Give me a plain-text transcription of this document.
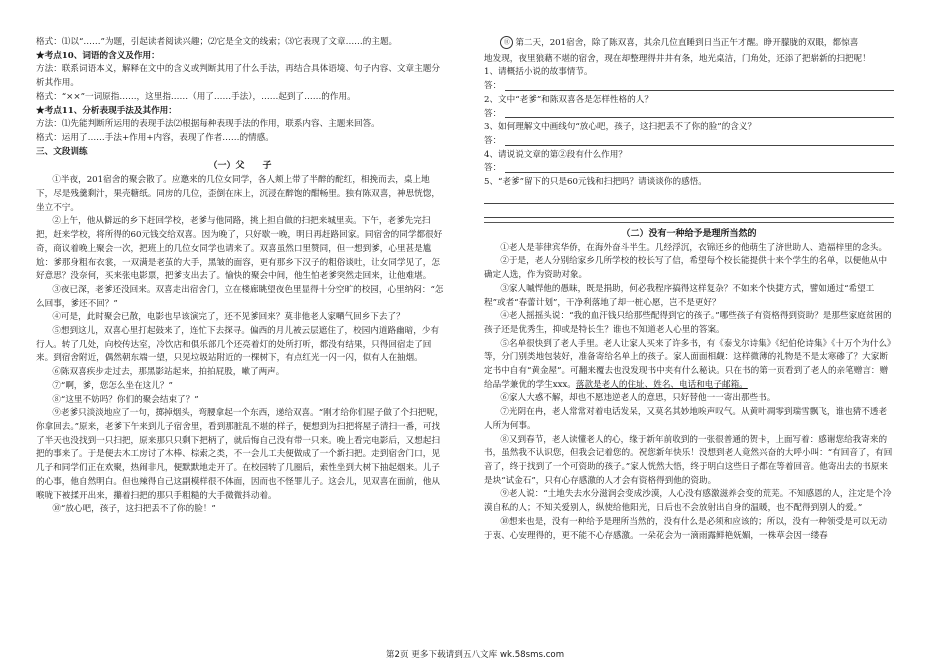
格式：⑴以“……”为题，引起读者阅读兴趣；⑵它是全文的线索；⑶它表现了文章……的主题。

★考点10、词语的含义及作用：

方法：联系词语本义，解释在文中的含义或判断其用了什么手法，再结合具体语境、句子内容、文章主题分析其作用。

格式：“××”一词原指……，这里指……（用了……手法），……起到了……的作用。

★考点11、分析表现手法及其作用：

方法：⑴先能判断所运用的表现手法⑵根据每种表现手法的作用，联系内容、主题来回答。

格式：运用了……手法+作用+内容，表现了作者……的情感。

三、文段训练

（一）父　　子

①半夜，201宿舍的聚会散了。应邀来的几位女同学，各人颊上带了半醉的酡红，相挽而去，桌上地下，尽是残羹剩汁，果壳糖纸。同房的几位，歪倒在床上，沉浸在醉饱的酣畅里。独有陈双喜，神思恍惚，坐立不宁。

②上午，他从僻远的乡下赶回学校，老爹与他同路，挑上担自做的扫把来城里卖。下午，老爹先完扫把，赶来学校，将所得的60元钱交给双喜。因为晚了，只好歇一晚，明日再赶路回家。同宿舍的同学都很好奇，商议着晚上聚会一次，把班上的几位女同学也请来了。双喜虽然口里赞同，但一想到爹，心里甚是尴尬：爹那身粗布衣裳，一双满是老茧的大手，黑皱的面容，更有那乡下汉子的粗俗谈吐，让女同学见了，怎好意思？没奈何，买来张电影票，把爹支出去了。愉快的聚会中间，他生怕老爹突然走回来，让他难堪。

③夜已深，老爹还没回来。双喜走出宿舍门，立在楼廊眺望夜色里显得十分空旷的校园，心里纳闷：“怎么回事，爹还不回？”

④可是，此时聚会已散，电影也早该演完了，还不见爹回来？莫非他老人家嗮气回乡下去了？

⑤想到这儿，双喜心里打起鼓来了，连忙下去探寻。偏西的月儿被云层遮住了，校园内道路幽暗，少有行人。转了几处，向校传达室，冷饮店和俱乐部几个还亮着灯的处所打听，都没有结果，只得回宿走了回来。到宿舍附近，偶然朝东端一望，只见垃圾站附近的一棵树下，有点红光一闪一闪，似有人在抽烟。

⑥陈双喜疾步走过去，那黑影站起来，拍拍屁股，嗽了两声。

⑦“啊，爹，您怎么坐在这儿？”

⑧“这里不妨吗？你们的聚会结束了？”

⑨老爹只淡淡地应了一句，掷掉烟头，弯腰拿起一个东西，递给双喜。“刚才给你们屋子做了个扫把呢，你拿回去。”原来，老爹下午来到儿子宿舍里，看到那脏乱不堪的样子，便想到为扫把将屋子清扫一番，可找了半天也没找到一只扫把，原来那只只剩下把柄了，就后悔自己没有带一只来。晚上看完电影后，又想起扫把的事来了。于是便去木工房讨了木棒、棕索之类，不一会儿工夫便做成了一个新扫把。走到宿舍门口，见几子和同学们正在欢聚，热闹非凡，便默默地走开了。在校园转了几圈后，索性坐到大树下抽起烟来。儿子的心事，他自然明白。但也辣得自己这副模样很不体面，因而也不怪罪儿子。这会儿，见双喜在面前，他从喉咙下被揉开出来，攥着扫把的那只手粗糙的大手微微抖动着。

⑩“放心吧，孩子，这扫把丢不了你的脸！”

⑪ 第二天，201宿舍，除了陈双喜，其余几位直睡到日当正午才醒。睁开朦胧的双眼，都惊喜

地发现，夜里狼藉不堪的宿舍，现在却整理得井井有条，地光桌洁，门角处，还添了把崭新的扫把呢！

1、请概括小说的故事情节。

答：

2、文中“老爹”和陈双喜各是怎样性格的人？

答：

3、如何理解文中画线句“放心吧，孩子，这扫把丢不了你的脸”的含义？

答：

4、请说说文章的第②段有什么作用？

答：

5、“老爹”留下的只是60元钱和扫把吗？请谈谈你的感悟。

（二）没有一种给予是理所当然的

①老人是菲律宾华侨，在海外奋斗半生。几经浮沉，衣锦还乡的他萌生了济世助人、造福梓里的念头。

②于是，老人分别给家乡几所学校的校长写了信，希望每个校长能提供十来个学生的名单，以便他从中确定人选，作为资助对象。

③家人嘁悍他的愚昧，既是捐助，何必我程序搞得这样复杂？不如来个快捷方式，譬如通过“希望工程”或者“春蕾计划”，干净利落地了却一桩心愿，岂不是更好？

④老人摇摇头说：“我的血汗钱只给那些配得到它的孩子。”哪些孩子有资格得到资助？是那些家庭贫困的孩子还是优秀生，抑或是特长生？谁也不知道老人心里的答案。

⑤名单很快到了老人手里。老人让家人买来了许多书，有《泰戈尔诗集》《纪伯伦诗集》《十万个为什么》等，分门别类地包装好，准备寄给名单上的孩子。家人面面相觑：这样微薄的礼物是不是太寒碜了？大家断定书中自有“黄金屋”。可翻来覆去也没发现书中夹有什么秘诀。只在书的第一页看到了老人的亲笔赠言：赠给品学兼优的学生xxx。落款是老人的住址、姓名、电话和电子邮箱。

⑥家人大惑不解，却也不愿违逆老人的意思，只好替他一一寄出那些书。

⑦光阴在冉，老人常常对着电话发呆，又莫名其妙地唉声叹气。从黄叶凋零到瑞雪飘飞，谁也猜不透老人所为何事。

⑧又到春节，老人读懂老人的心，缘于新年前收到的一张很普通的贺卡，上面写着：感谢您给我寄来的书，虽然我不认识您，但我会记着您的。祝您新年快乐！没想到老人竟然兴奋的大呼小叫：“有回音了，有回音了，终于找到了一个可资助的孩子。”家人恍然大悟，终于明白这些日子都在等着回音。他寄出去的书原来是块“试金石”，只有心存感激的人才会有资格得到他的资助。

⑨老人说：“土地失去水分滋润会变成沙漠，人心没有感激滋养会变的荒芜。不知感恩的人，注定是个冷漠自私的人；不知关爱别人，纵使给他阳光，日后也不会放射出自身的温暖，也不配得到别人的爱。”

⑩想来也是，没有一种给予是理所当然的，没有什么是必须和应该的；所以，没有一种领受是可以无动于衷、心安理得的，更不能不心存感激。一朵花会为一滴雨露鲜艳妩媚，一株草会因一缕春

第2页 更多下载请到五八文库 wk.58sms.com
